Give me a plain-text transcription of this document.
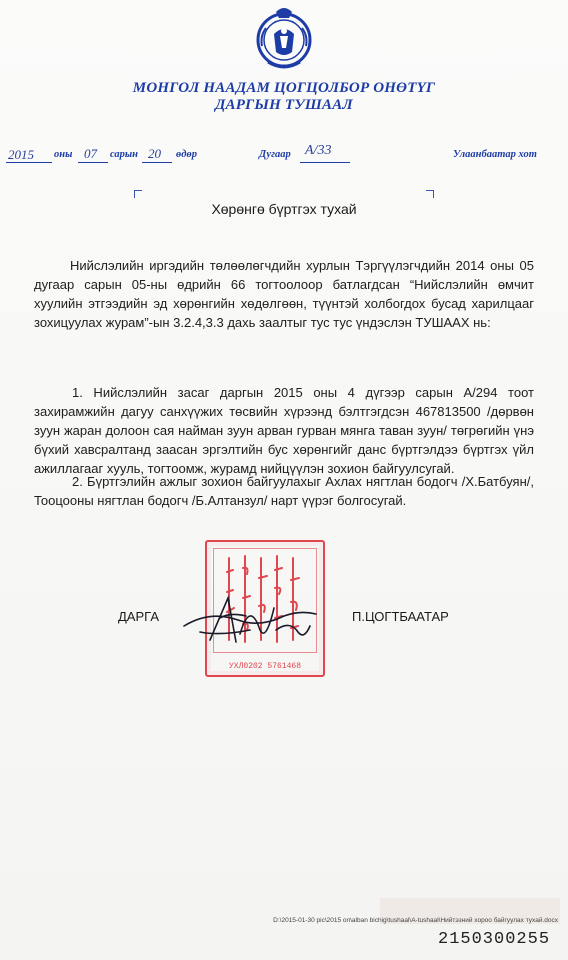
МОНГОЛ НААДАМ ЦОГЦОЛБОР ОНӨТҮГ
ДАРГЫН ТУШААЛ
2015 оны 07 сарын 20 өдөр	Дугаар А/33	Улаанбаатар хот
Хөрөнгө бүртгэх тухай
Нийслэлийн иргэдийн төлөөлөгчдийн хурлын Тэргүүлэгчдийн 2014 оны 05 дугаар сарын 05-ны өдрийн 66 тогтоолоор батлагдсан “Нийслэлийн өмчит хуулийн этгээдийн эд хөрөнгийн хөдөлгөөн, түүнтэй холбогдох бусад харилцааг зохицуулах журам”-ын 3.2.4,3.3 дахь заалтыг тус тус үндэслэн ТУШААХ нь:
1. Нийслэлийн засаг даргын 2015 оны 4 дүгээр сарын А/294 тоот захирамжийн дагуу санхүүжих төсвийн хүрээнд бэлтгэгдсэн 467813500 /дөрвөн зуун жаран долоон сая найман зуун арван гурван мянга таван зуун/ төгрөгийн үнэ бүхий хавсралтанд заасан эргэлтийн бус хөрөнгийг данс бүртгэлдээ бүртгэх үйл ажиллагааг хууль, тогтоомж, журамд нийцүүлэн зохион байгуулсугай.
2. Бүртгэлийн ажлыг зохион байгуулахыг Ахлах нягтлан бодогч /Х.Батбуян/, Тооцооны нягтлан бодогч /Б.Алтанзул/ нарт үүрэг болгосугай.
УХЛ0202 5761468
ДАРГА	П.ЦОГТБААТАР
D:\2015-01-30 pic\2015 on\alban bichig\tushaal\A-tushaal\Нийтэзний хороо байгуулах тухай.docx
2150300255
